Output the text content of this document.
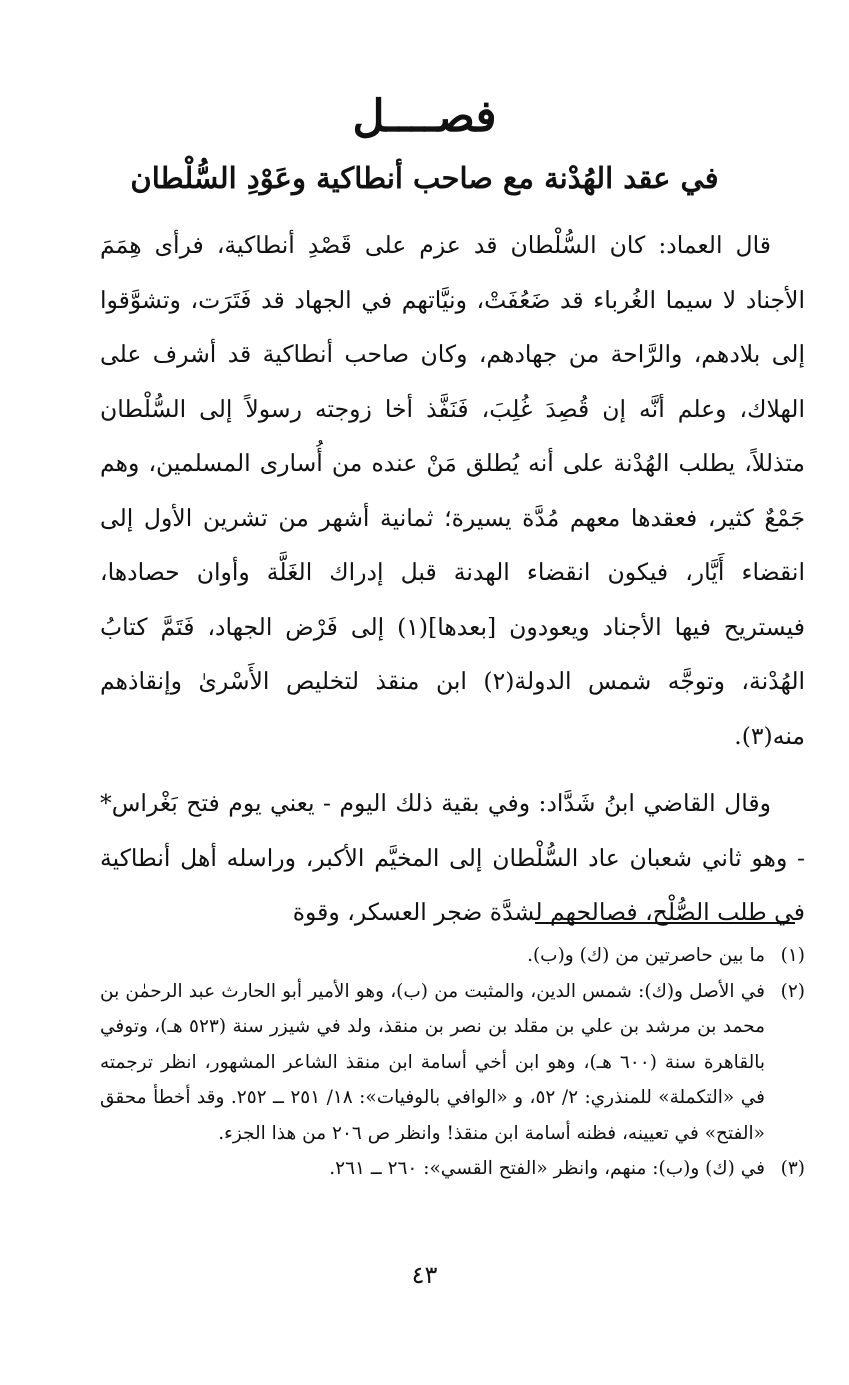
فصــــل
في عقد الهُدْنة مع صاحب أنطاكية وعَوْدِ السُّلْطان

قال العماد: كان السُّلْطان قد عزم على قَصْدِ أنطاكية، فرأى هِمَمَ الأجناد لا سيما الغُرباء قد ضَعُفَتْ، ونيَّاتهم في الجهاد قد فَتَرَت، وتشوَّقوا إلى بلادهم، والرَّاحة من جهادهم، وكان صاحب أنطاكية قد أشرف على الهلاك، وعلم أنَّه إن قُصِدَ غُلِبَ، فَنَفَّذ أخا زوجته رسولاً إلى السُّلْطان متذللاً، يطلب الهُدْنة على أنه يُطلق مَنْ عنده من أُسارى المسلمين، وهم جَمْعٌ كثير، فعقدها معهم مُدَّة يسيرة؛ ثمانية أشهر من تشرين الأول إلى انقضاء أَيَّار، فيكون انقضاء الهدنة قبل إدراك الغَلَّة وأوان حصادها، فيستريح فيها الأجناد ويعودون [بعدها](١) إلى فَرْض الجهاد، فَتَمَّ كتابُ الهُدْنة، وتوجَّه شمس الدولة(٢) ابن منقذ لتخليص الأَسْرىٰ وإنقاذهم منه(٣).

وقال القاضي ابنُ شَدَّاد: وفي بقية ذلك اليوم - يعني يوم فتح بَغْراس* - وهو ثاني شعبان عاد السُّلْطان إلى المخيَّم الأكبر، وراسله أهل أنطاكية في طلب الصُّلْح، فصالحهم لشدَّة ضجر العسكر، وقوة

(١)
ما بين حاصرتين من (ك) و(ب).
(٢)
في الأصل و(ك): شمس الدين، والمثبت من (ب)، وهو الأمير أبو الحارث عبد الرحمٰن بن محمد بن مرشد بن علي بن مقلد بن نصر بن منقذ، ولد في شيزر سنة (٥٢٣ هـ)، وتوفي بالقاهرة سنة (٦٠٠ هـ)، وهو ابن أخي أسامة ابن منقذ الشاعر المشهور، انظر ترجمته في «التكملة» للمنذري: ٢/ ٥٢، و «الوافي بالوفيات»: ١٨/ ٢٥١ ــ ٢٥٢. وقد أخطأ محقق «الفتح» في تعيينه، فظنه أسامة ابن منقذ! وانظر ص ٢٠٦ من هذا الجزء.
(٣)
في (ك) و(ب): منهم، وانظر «الفتح القسي»: ٢٦٠ ــ ٢٦١.
٤٣
